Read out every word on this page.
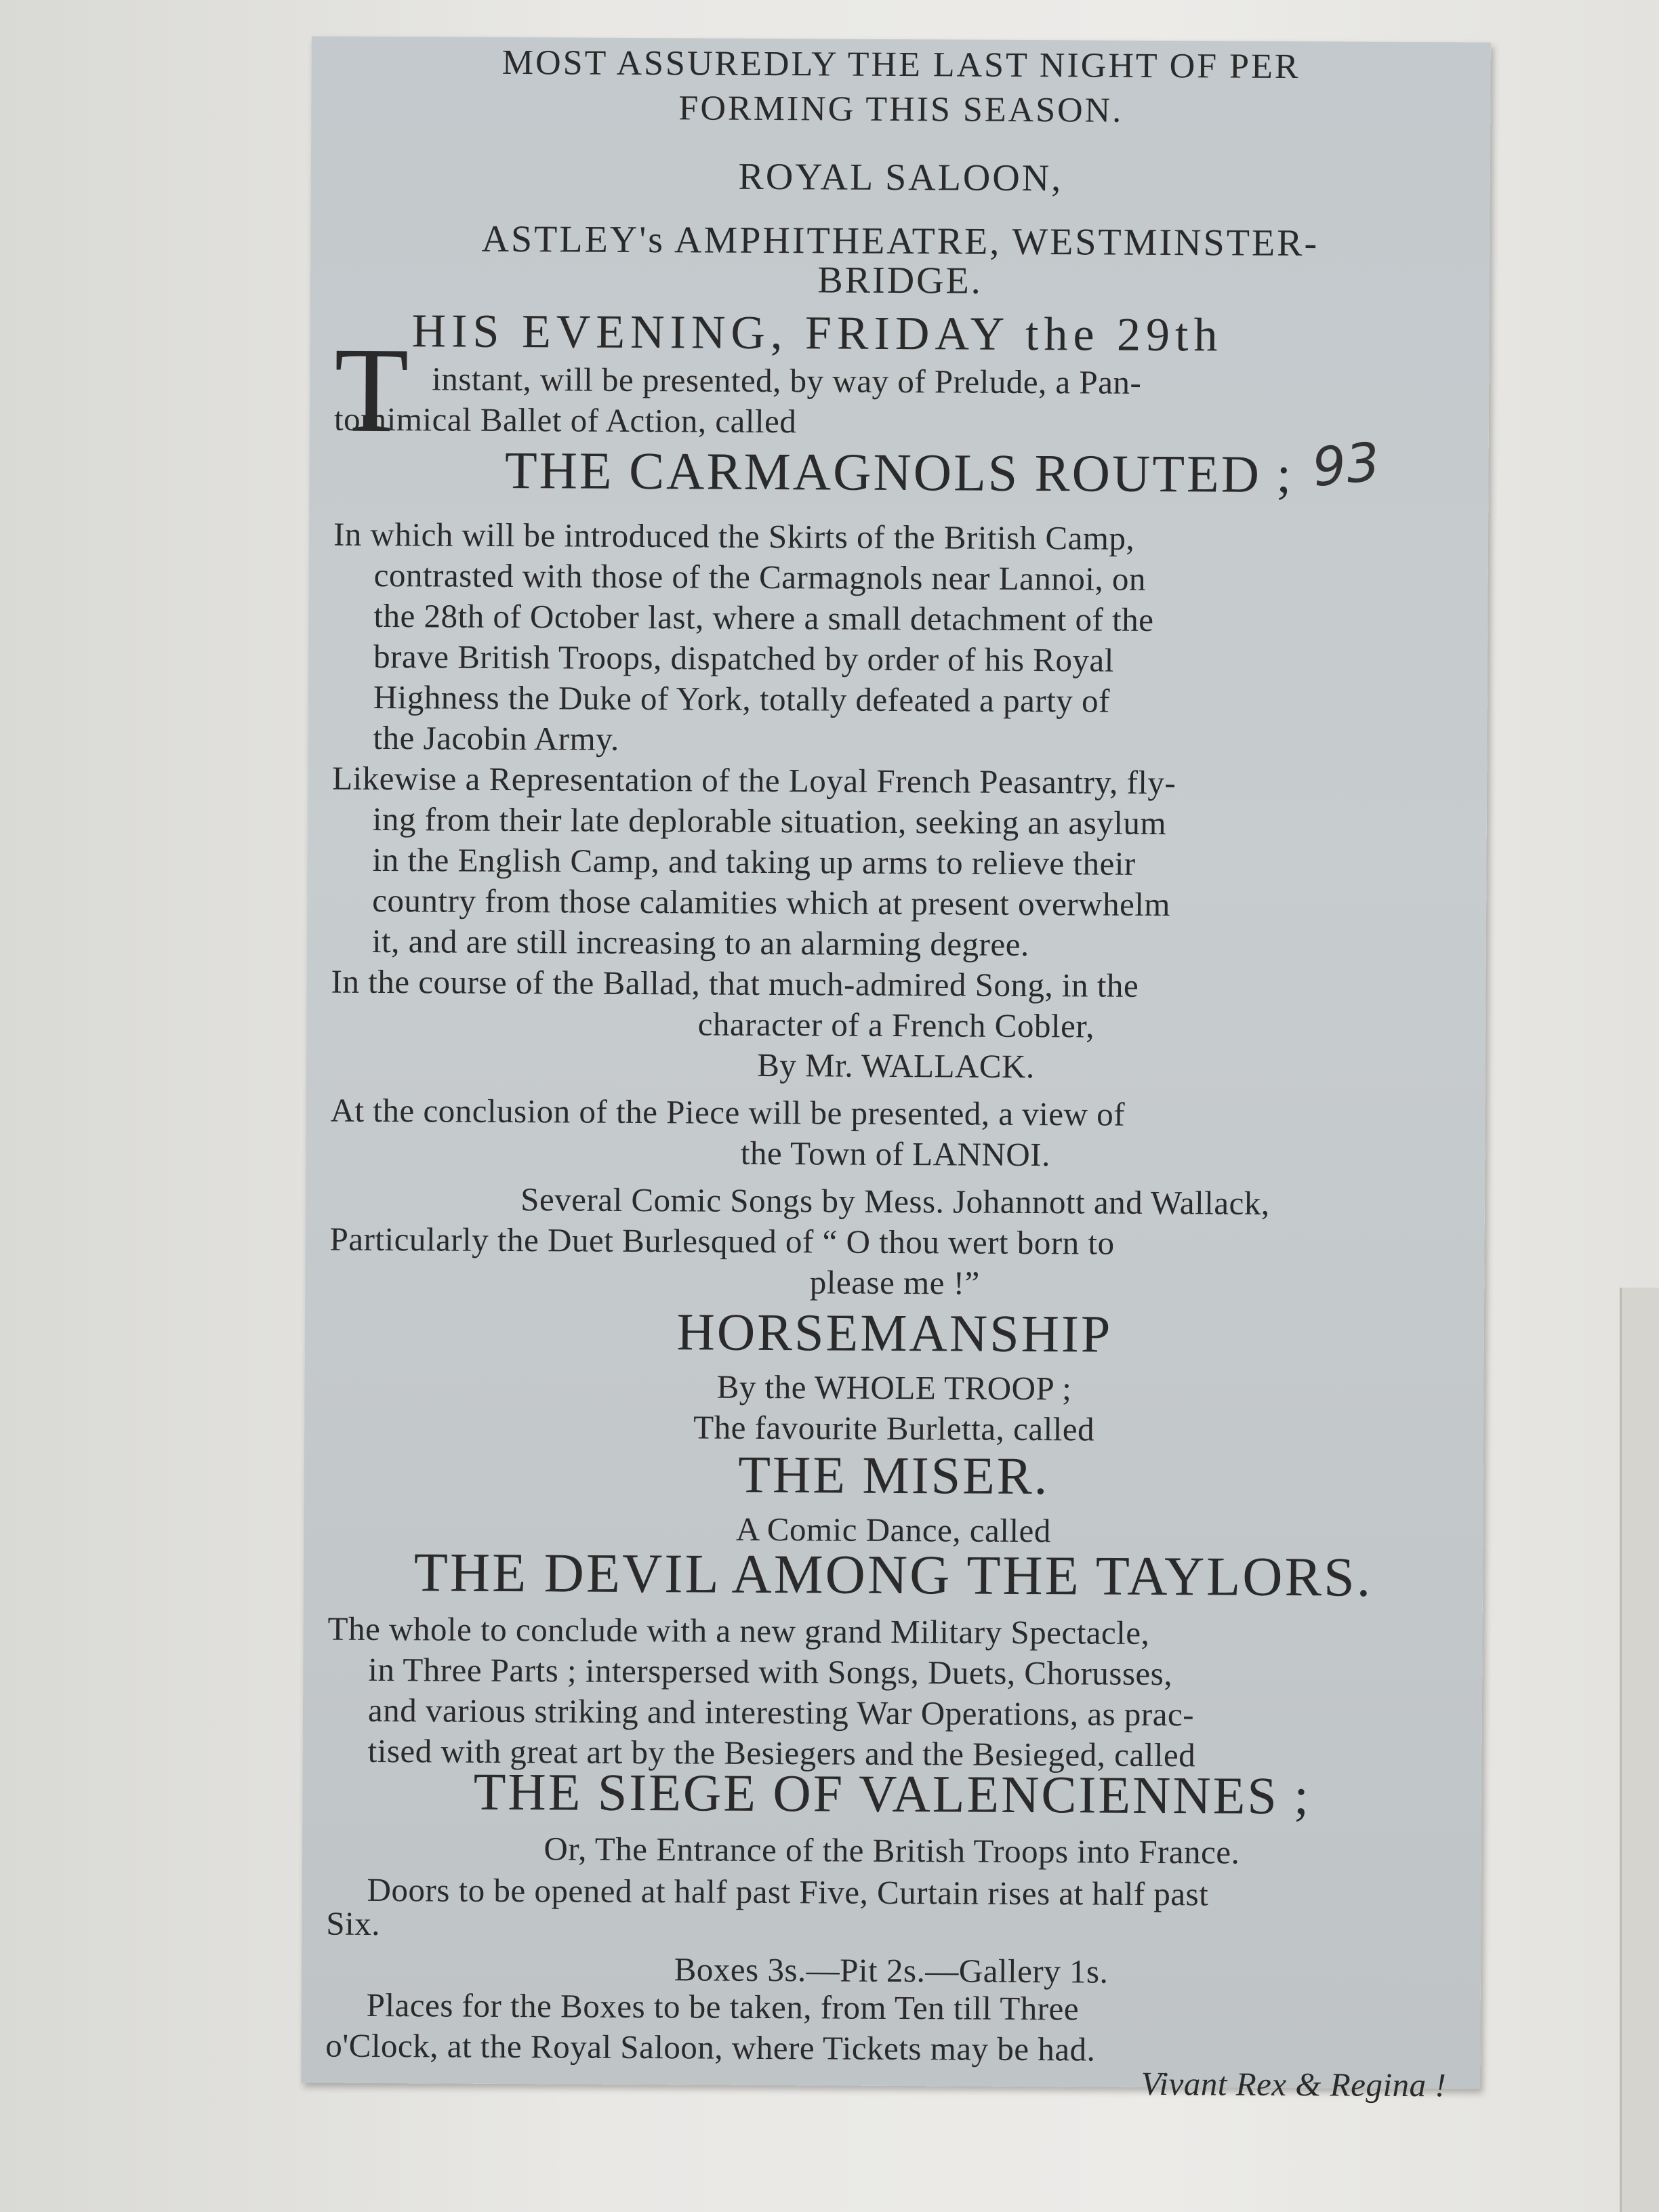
MOST ASSUREDLY THE LAST NIGHT OF PER
FORMING THIS SEASON.
ROYAL SALOON,
ASTLEY's AMPHITHEATRE, WESTMINSTER-
BRIDGE.
T HIS EVENING, FRIDAY the 29th
instant, will be presented, by way of Prelude, a Pan-
tomimical Ballet of Action, called
93
THE CARMAGNOLS ROUTED ;
In which will be introduced the Skirts of the British Camp,
contrasted with those of the Carmagnols near Lannoi, on
the 28th of October last, where a small detachment of the
brave British Troops, dispatched by order of his Royal
Highness the Duke of York, totally defeated a party of
the Jacobin Army.
Likewise a Representation of the Loyal French Peasantry, fly-
ing from their late deplorable situation, seeking an asylum
in the English Camp, and taking up arms to relieve their
country from those calamities which at present overwhelm
it, and are still increasing to an alarming degree.
In the course of the Ballad, that much-admired Song, in the
character of a French Cobler,
By Mr. WALLACK.
At the conclusion of the Piece will be presented, a view of
the Town of LANNOI.
Several Comic Songs by Mess. Johannott and Wallack,
Particularly the Duet Burlesqued of “ O thou wert born to
please me !”
HORSEMANSHIP
By the WHOLE TROOP ;
The favourite Burletta, called
THE MISER.
A Comic Dance, called
THE DEVIL AMONG THE TAYLORS.
The whole to conclude with a new grand Military Spectacle,
in Three Parts ; interspersed with Songs, Duets, Chorusses,
and various striking and interesting War Operations, as prac-
tised with great art by the Besiegers and the Besieged, called
THE SIEGE OF VALENCIENNES ;
Or, The Entrance of the British Troops into France.
Doors to be opened at half past Five, Curtain rises at half past
Six.
Boxes 3s.—Pit 2s.—Gallery 1s.
Places for the Boxes to be taken, from Ten till Three
o'Clock, at the Royal Saloon, where Tickets may be had.
Vivant Rex & Regina !
